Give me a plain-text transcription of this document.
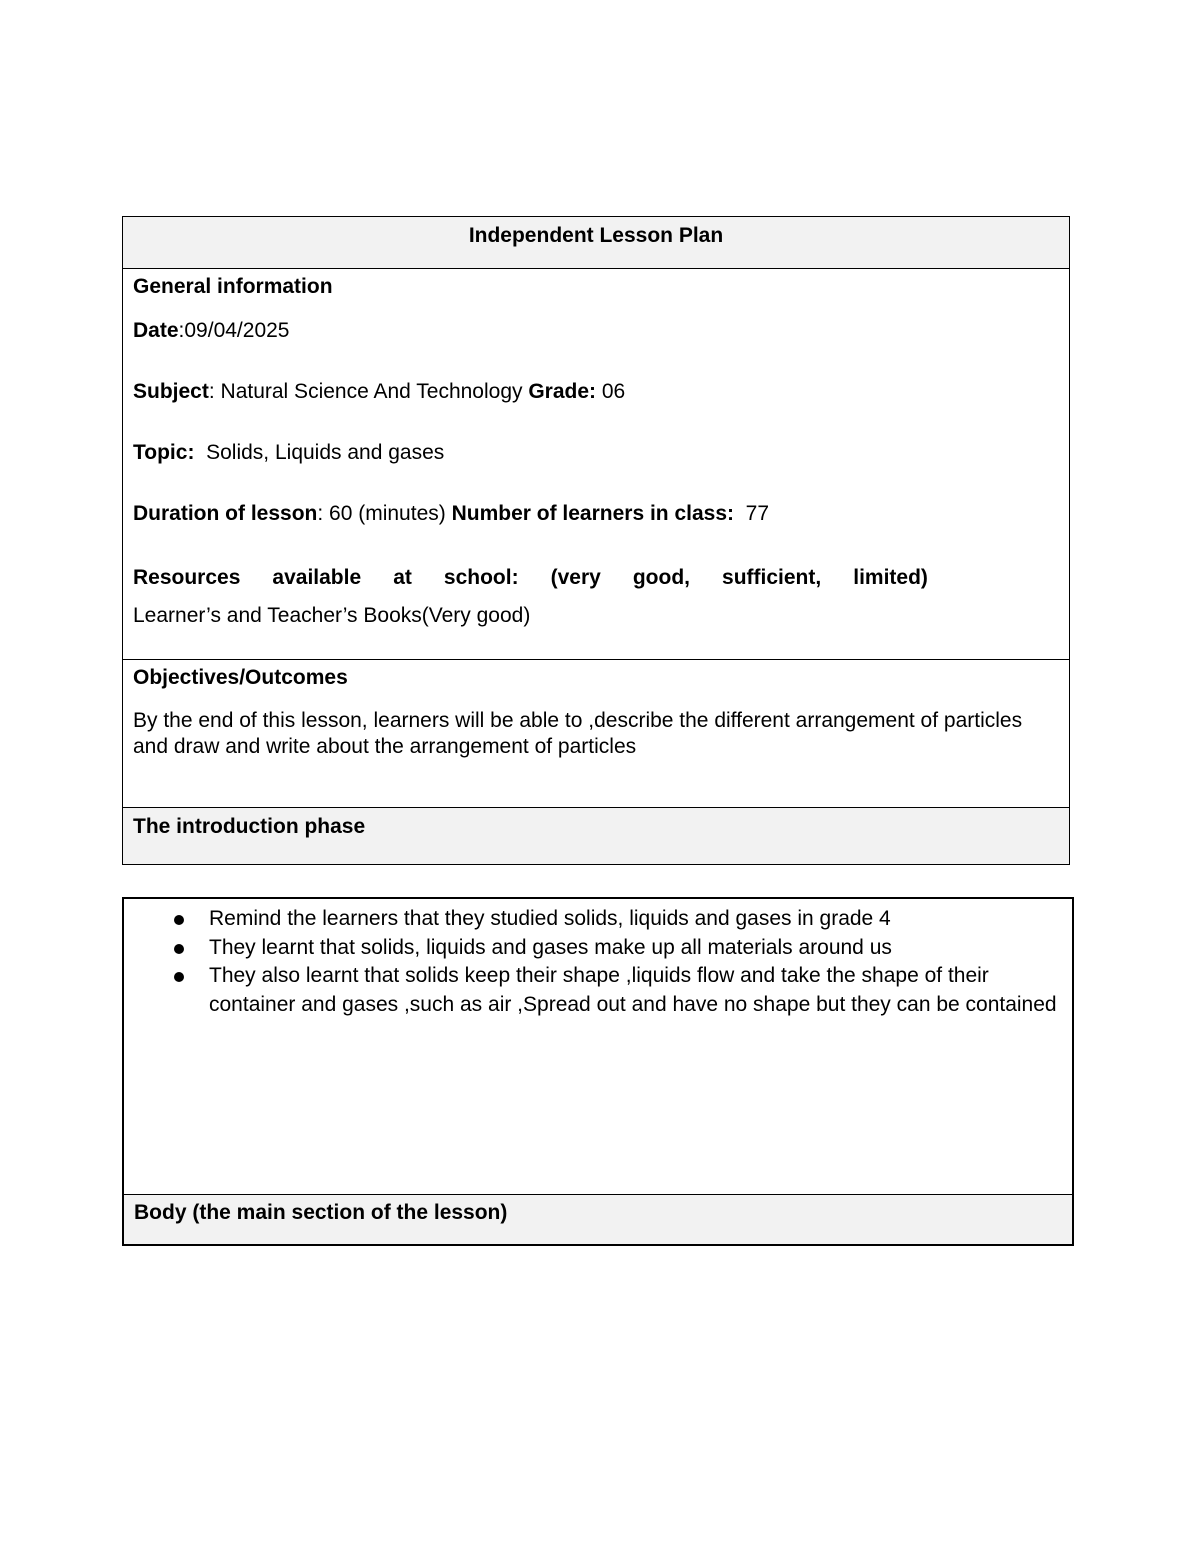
Independent Lesson Plan
General information
Date:09/04/2025
Subject: Natural Science And Technology Grade: 06
Topic:  Solids, Liquids and gases
Duration of lesson: 60 (minutes) Number of learners in class:  77
Resources available at school: (very good, sufficient, limited)
Learner’s and Teacher’s Books(Very good)
Objectives/Outcomes
By the end of this lesson, learners will be able to ,describe the different arrangement of particles and draw and write about the arrangement of particles
The introduction phase
Remind the learners that they studied solids, liquids and gases in grade 4
They learnt that solids, liquids and gases make up all materials around us
They also learnt that solids keep their shape ,liquids flow and take the shape of their container and gases ,such as air ,Spread out and have no shape but they can be contained
Body (the main section of the lesson)
